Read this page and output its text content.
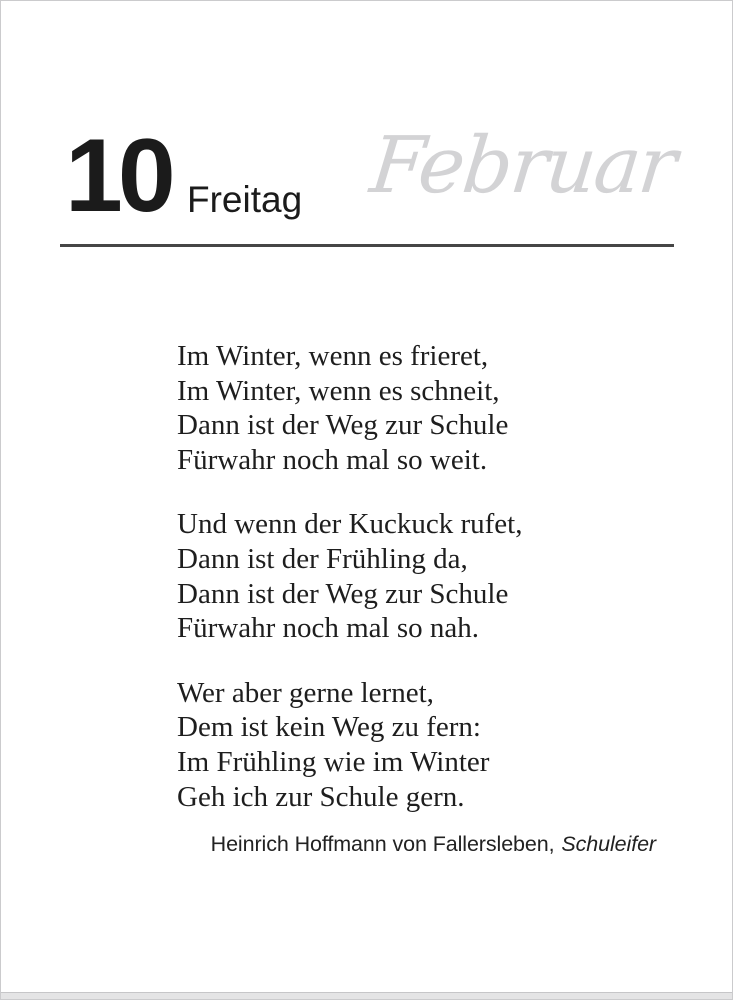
10 Freitag Februar
Im Winter, wenn es frieret,
Im Winter, wenn es schneit,
Dann ist der Weg zur Schule
Fürwahr noch mal so weit.
Und wenn der Kuckuck rufet,
Dann ist der Frühling da,
Dann ist der Weg zur Schule
Fürwahr noch mal so nah.
Wer aber gerne lernet,
Dem ist kein Weg zu fern:
Im Frühling wie im Winter
Geh ich zur Schule gern.
Heinrich Hoffmann von Fallersleben, Schuleifer
